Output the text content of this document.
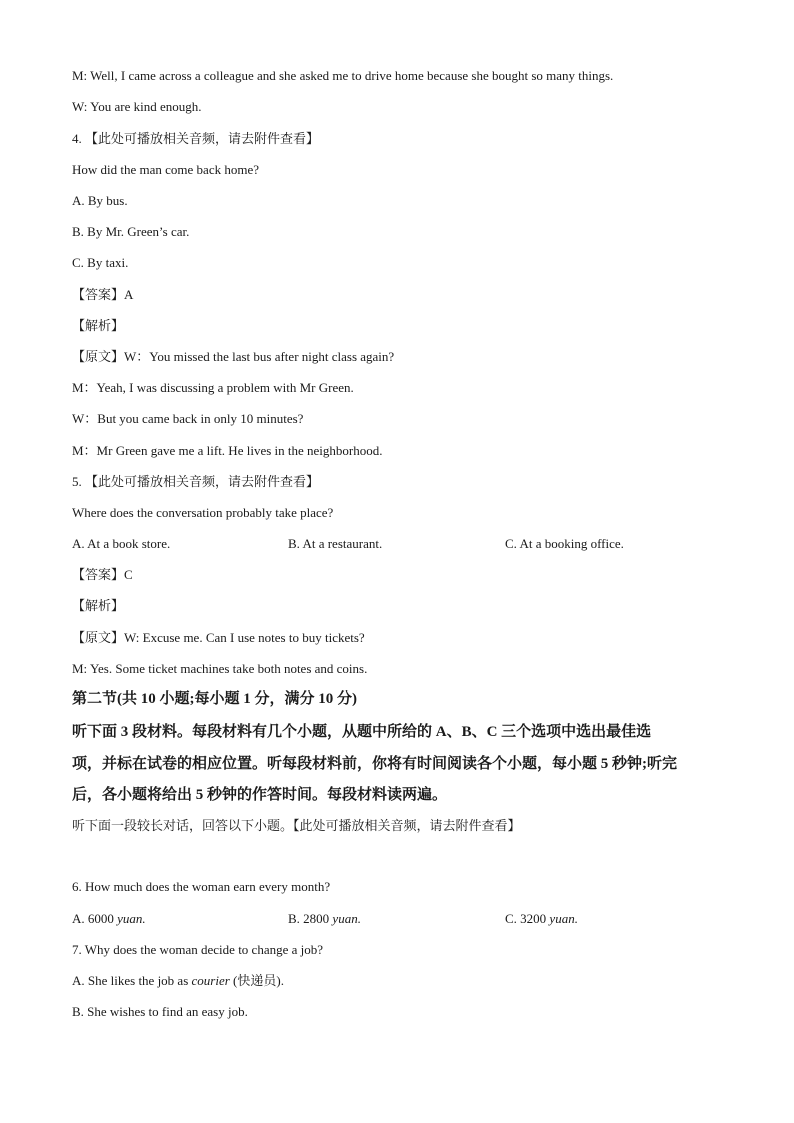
M: Well, I came across a colleague and she asked me to drive home because she bought so many things.
W: You are kind enough.
4. 【此处可播放相关音频，请去附件查看】
How did the man come back home?
A. By bus.
B. By Mr. Green’s car.
C. By taxi.
【答案】A
【解析】
【原文】W：You missed the last bus after night class again?
M：Yeah, I was discussing a problem with Mr Green.
W：But you came back in only 10 minutes?
M：Mr Green gave me a lift. He lives in the neighborhood.
5. 【此处可播放相关音频，请去附件查看】
Where does the conversation probably take place?
A. At a book store.	B. At a restaurant.	C. At a booking office.
【答案】C
【解析】
【原文】W: Excuse me. Can I use notes to buy tickets?
M: Yes. Some ticket machines take both notes and coins.
第二节(共 10 小题;每小题 1 分，满分 10 分)
听下面 3 段材料。每段材料有几个小题，从题中所给的 A、B、C 三个选项中选出最佳选
项，并标在试卷的相应位置。听每段材料前，你将有时间阅读各个小题，每小题 5 秒钟;听完
后，各小题将给出 5 秒钟的作答时间。每段材料读两遍。
听下面一段较长对话，回答以下小题。【此处可播放相关音频，请去附件查看】
6. How much does the woman earn every month?
A. 6000 yuan.	B. 2800 yuan.	C. 3200 yuan.
7. Why does the woman decide to change a job?
A. She likes the job as courier (快递员).
B. She wishes to find an easy job.
